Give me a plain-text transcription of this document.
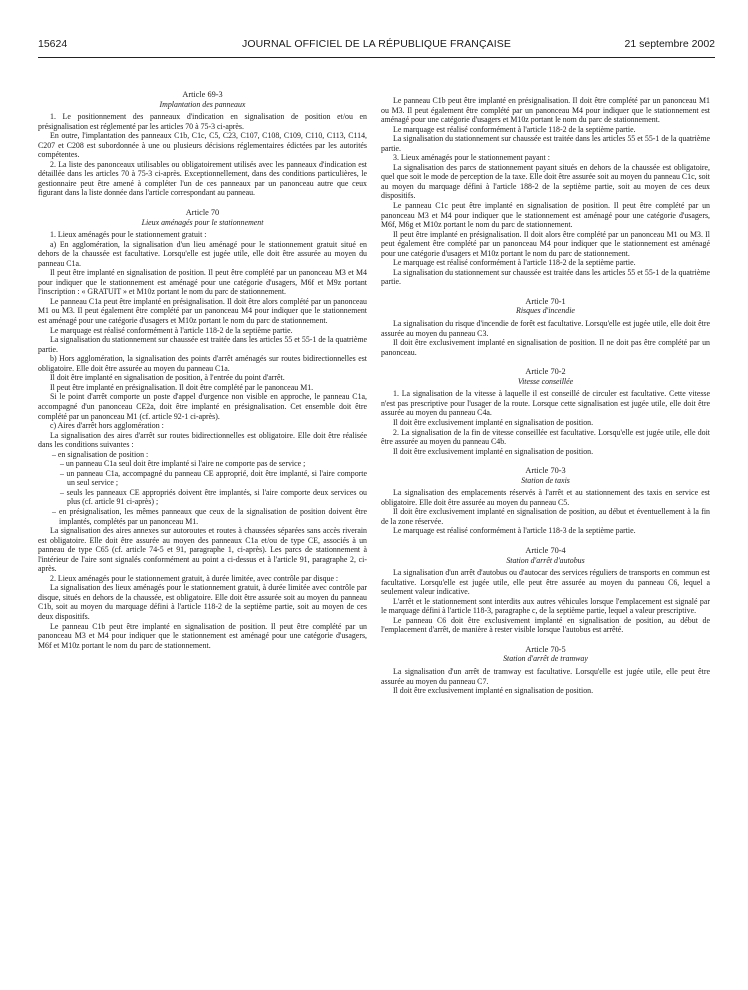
15624	JOURNAL OFFICIEL DE LA RÉPUBLIQUE FRANÇAISE	21 septembre 2002

Article 69-3

Implantation des panneaux

1. Le positionnement des panneaux d'indication en signalisation de position et/ou en présignalisation est réglementé par les articles 70 à 75-3 ci-après.

En outre, l'implantation des panneaux C1b, C1c, C5, C23, C107, C108, C109, C110, C113, C114, C207 et C208 est subordonnée à une ou plusieurs décisions réglementaires édictées par les autorités compétentes.

2. La liste des panonceaux utilisables ou obligatoirement utilisés avec les panneaux d'indication est détaillée dans les articles 70 à 75-3 ci-après. Exceptionnellement, dans des conditions particulières, le gestionnaire peut être amené à compléter l'un de ces panneaux par un panonceau autre que ceux figurant dans la liste donnée dans l'article correspondant au panneau.

Article 70

Lieux aménagés pour le stationnement

1. Lieux aménagés pour le stationnement gratuit :

a) En agglomération, la signalisation d'un lieu aménagé pour le stationnement gratuit situé en dehors de la chaussée est facultative. Lorsqu'elle est jugée utile, elle doit être assurée au moyen du panneau C1a.

Il peut être implanté en signalisation de position. Il peut être complété par un panonceau M3 et M4 pour indiquer que le stationnement est aménagé pour une catégorie d'usagers, M6f et M9z portant l'inscription : « GRATUIT » et M10z portant le nom du parc de stationnement.

Le panneau C1a peut être implanté en présignalisation. Il doit être alors complété par un panonceau M1 ou M3. Il peut également être complété par un panonceau M4 pour indiquer que le stationnement est aménagé pour une catégorie d'usagers et M10z portant le nom du parc de stationnement.

Le marquage est réalisé conformément à l'article 118-2 de la septième partie.

La signalisation du stationnement sur chaussée est traitée dans les articles 55 et 55-1 de la quatrième partie.

b) Hors agglomération, la signalisation des points d'arrêt aménagés sur routes bidirectionnelles est obligatoire. Elle doit être assurée au moyen du panneau C1a.

Il doit être implanté en signalisation de position, à l'entrée du point d'arrêt.

Il peut être implanté en présignalisation. Il doit être complété par le panonceau M1.

Si le point d'arrêt comporte un poste d'appel d'urgence non visible en approche, le panneau C1a, accompagné d'un panonceau CE2a, doit être implanté en présignalisation. Cet ensemble doit être complété par un panonceau M1 (cf. article 92-1 ci-après).

c) Aires d'arrêt hors agglomération :

La signalisation des aires d'arrêt sur routes bidirectionnelles est obligatoire. Elle doit être réalisée dans les conditions suivantes :

– en signalisation de position :
– un panneau C1a seul doit être implanté si l'aire ne comporte pas de service ;
– un panneau C1a, accompagné du panneau CE approprié, doit être implanté, si l'aire comporte un seul service ;
– seuls les panneaux CE appropriés doivent être implantés, si l'aire comporte deux services ou plus (cf. article 91 ci-après) ;
– en présignalisation, les mêmes panneaux que ceux de la signalisation de position doivent être implantés, complétés par un panonceau M1.

La signalisation des aires annexes sur autoroutes et routes à chaussées séparées sans accès riverain est obligatoire. Elle doit être assurée au moyen des panneaux C1a et/ou de type CE, associés à un panneau de type C65 (cf. article 74-5 et 91, paragraphe 1, ci-après). Les parcs de stationnement à l'intérieur de l'aire sont signalés conformément au point a ci-dessus et à l'article 91, paragraphe 2, ci-après.

2. Lieux aménagés pour le stationnement gratuit, à durée limitée, avec contrôle par disque :

La signalisation des lieux aménagés pour le stationnement gratuit, à durée limitée avec contrôle par disque, situés en dehors de la chaussée, est obligatoire. Elle doit être assurée soit au moyen du panneau C1b, soit au moyen du marquage défini à l'article 118-2 de la septième partie, soit au moyen de ces deux dispositifs.

Le panneau C1b peut être implanté en signalisation de position. Il peut être complété par un panonceau M3 et M4 pour indiquer que le stationnement est aménagé pour une catégorie d'usagers, M6f et M10z portant le nom du parc de stationnement.

Le panneau C1b peut être implanté en présignalisation. Il doit être complété par un panonceau M1 ou M3. Il peut également être complété par un panonceau M4 pour indiquer que le stationnement est aménagé pour une catégorie d'usagers et M10z portant le nom du parc de stationnement.

Le marquage est réalisé conformément à l'article 118-2 de la septième partie.

La signalisation du stationnement sur chaussée est traitée dans les articles 55 et 55-1 de la quatrième partie.

3. Lieux aménagés pour le stationnement payant :

La signalisation des parcs de stationnement payant situés en dehors de la chaussée est obligatoire, quel que soit le mode de perception de la taxe. Elle doit être assurée soit au moyen du panneau C1c, soit au moyen du marquage défini à l'article 188-2 de la septième partie, soit au moyen de ces deux dispositifs.

Le panneau C1c peut être implanté en signalisation de position. Il peut être complété par un panonceau M3 et M4 pour indiquer que le stationnement est aménagé pour une catégorie d'usagers, M6f, M6g et M10z portant le nom du parc de stationnement.

Il peut être implanté en présignalisation. Il doit alors être complété par un panonceau M1 ou M3. Il peut également être complété par un panonceau M4 pour indiquer que le stationnement est aménagé pour une catégorie d'usagers et M10z portant le nom du parc de stationnement.

Le marquage est réalisé conformément à l'article 118-2 de la septième partie.

La signalisation du stationnement sur chaussée est traitée dans les articles 55 et 55-1 de la quatrième partie.

Article 70-1

Risques d'incendie

La signalisation du risque d'incendie de forêt est facultative. Lorsqu'elle est jugée utile, elle doit être assurée au moyen du panneau C3.

Il doit être exclusivement implanté en signalisation de position. Il ne doit pas être complété par un panonceau.

Article 70-2

Vitesse conseillée

1. La signalisation de la vitesse à laquelle il est conseillé de circuler est facultative. Cette vitesse n'est pas prescriptive pour l'usager de la route. Lorsque cette signalisation est jugée utile, elle doit être assurée au moyen du panneau C4a.

Il doit être exclusivement implanté en signalisation de position.

2. La signalisation de la fin de vitesse conseillée est facultative. Lorsqu'elle est jugée utile, elle doit être assurée au moyen du panneau C4b.

Il doit être exclusivement implanté en signalisation de position.

Article 70-3

Station de taxis

La signalisation des emplacements réservés à l'arrêt et au stationnement des taxis en service est obligatoire. Elle doit être assurée au moyen du panneau C5.

Il doit être exclusivement implanté en signalisation de position, au début et éventuellement à la fin de la zone réservée.

Le marquage est réalisé conformément à l'article 118-3 de la septième partie.

Article 70-4

Station d'arrêt d'autobus

La signalisation d'un arrêt d'autobus ou d'autocar des services réguliers de transports en commun est facultative. Lorsqu'elle est jugée utile, elle peut être assurée au moyen du panneau C6, lequel a seulement valeur indicative.

L'arrêt et le stationnement sont interdits aux autres véhicules lorsque l'emplacement est signalé par le marquage défini à l'article 118-3, paragraphe c, de la septième partie, lequel a valeur prescriptive.

Le panneau C6 doit être exclusivement implanté en signalisation de position, au début de l'emplacement d'arrêt, de manière à rester visible lorsque l'autobus est arrêté.

Article 70-5

Station d'arrêt de tramway

La signalisation d'un arrêt de tramway est facultative. Lorsqu'elle est jugée utile, elle peut être assurée au moyen du panneau C7.

Il doit être exclusivement implanté en signalisation de position.
